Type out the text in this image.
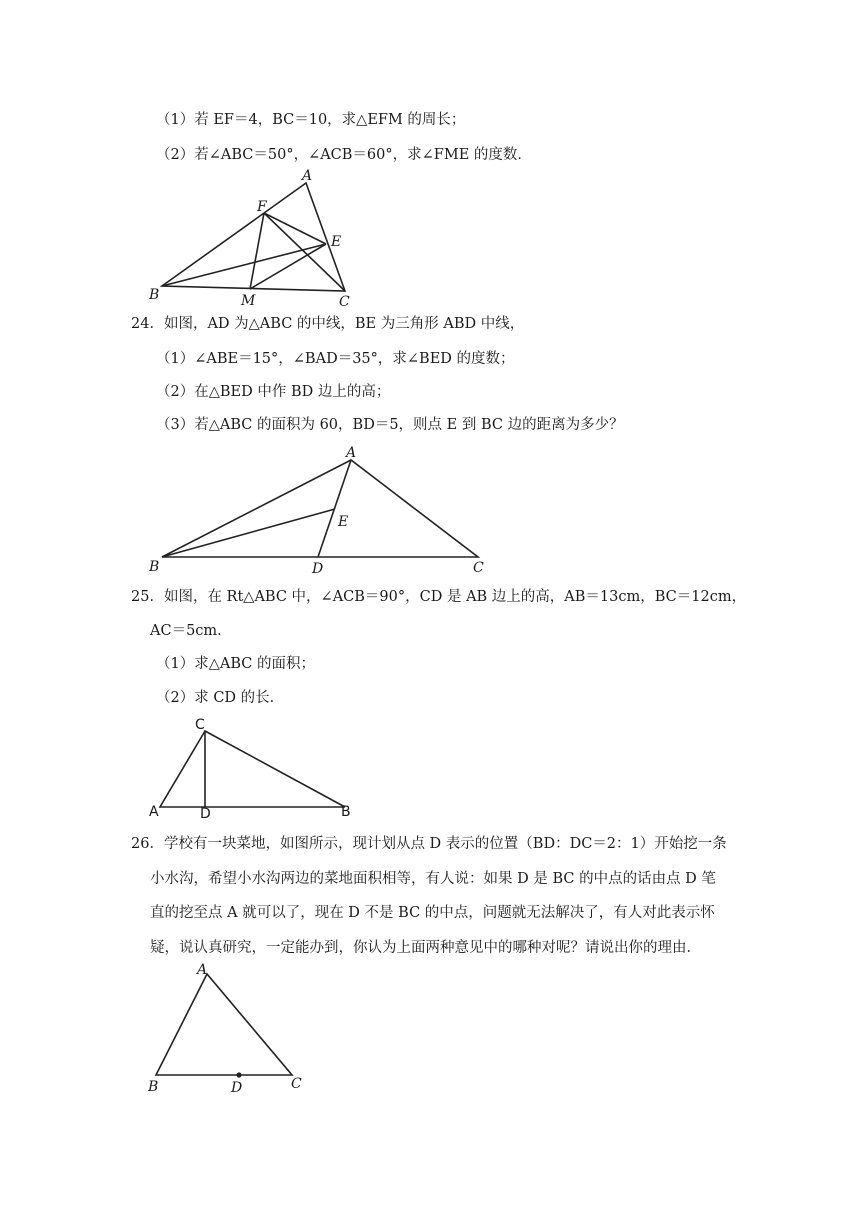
（1）若 EF＝4，BC＝10，求△EFM 的周长；
（2）若∠ABC＝50°，∠ACB＝60°，求∠FME 的度数．
A
F
E
B	M	C
24．如图，AD 为△ABC 的中线，BE 为三角形 ABD 中线，
（1）∠ABE＝15°，∠BAD＝35°，求∠BED 的度数；
（2）在△BED 中作 BD 边上的高；
（3）若△ABC 的面积为 60，BD＝5，则点 E 到 BC 边的距离为多少？
A
E
B	D	C
25．如图，在 Rt△ABC 中，∠ACB＝90°，CD 是 AB 边上的高，AB＝13cm，BC＝12cm，
AC＝5cm．
（1）求△ABC 的面积；
（2）求 CD 的长．
C
A	D	B
26．学校有一块菜地，如图所示，现计划从点 D 表示的位置（BD：DC＝2：1）开始挖一条
小水沟，希望小水沟两边的菜地面积相等，有人说：如果 D 是 BC 的中点的话由点 D 笔
直的挖至点 A 就可以了，现在 D 不是 BC 的中点，问题就无法解决了，有人对此表示怀
疑，说认真研究，一定能办到，你认为上面两种意见中的哪种对呢？请说出你的理由．
A
B	D	C
